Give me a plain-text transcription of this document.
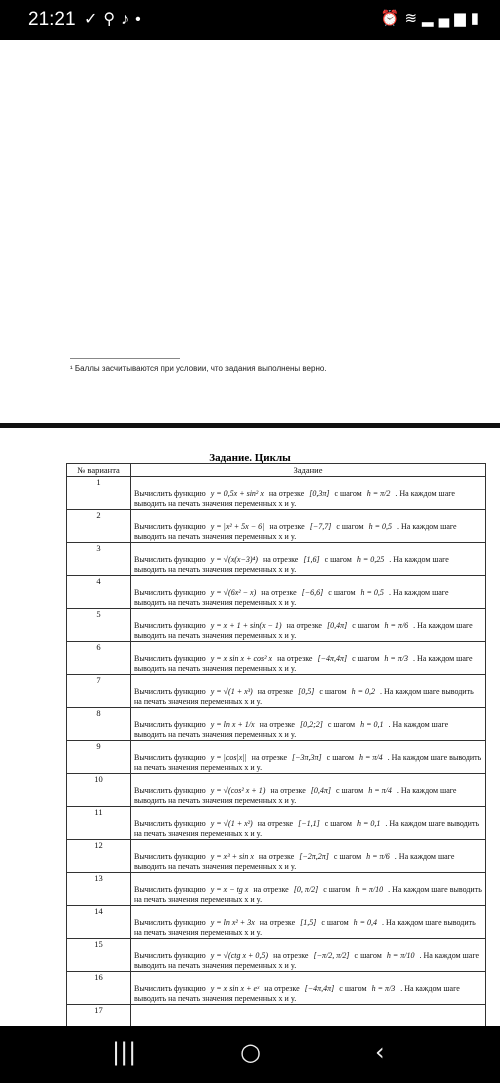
21:21 ✓⚲♪•	⏰≋▂▄▆▮
¹ Баллы засчитываются при условии, что задания выполнены верно.
Задание. Циклы
№ варианта	Задание
1	Вычислить функцию y = 0,5x + sin² x на отрезке [0,3π] с шагом h = π/2 . На каждом шаге выводить на печать значения переменных x и y.
2	Вычислить функцию y = |x² + 5x − 6| на отрезке [−7,7] с шагом h = 0,5 . На каждом шаге выводить на печать значения переменных x и y.
3	Вычислить функцию y = √(x(x−3)⁴) на отрезке [1,6] с шагом h = 0,25 . На каждом шаге выводить на печать значения переменных x и y.
4	Вычислить функцию y = √(6x² − x) на отрезке [−6,6] с шагом h = 0,5 . На каждом шаге выводить на печать значения переменных x и y.
5	Вычислить функцию y = x + 1 + sin(x − 1) на отрезке [0,4π] с шагом h = π/6 . На каждом шаге выводить на печать значения переменных x и y.
6	Вычислить функцию y = x sin x + cos² x на отрезке [−4π,4π] с шагом h = π/3 . На каждом шаге выводить на печать значения переменных x и y.
7	Вычислить функцию y = √(1 + x³) на отрезке [0,5] с шагом h = 0,2 . На каждом шаге выводить на печать значения переменных x и y.
8	Вычислить функцию y = ln x + 1/x на отрезке [0,2;2] с шагом h = 0,1 . На каждом шаге выводить на печать значения переменных x и y.
9	Вычислить функцию y = |cos|x|| на отрезке [−3π,3π] с шагом h = π/4 . На каждом шаге выводить на печать значения переменных x и y.
10	Вычислить функцию y = √(cos² x + 1) на отрезке [0,4π] с шагом h = π/4 . На каждом шаге выводить на печать значения переменных x и y.
11	Вычислить функцию y = √(1 + x²) на отрезке [−1,1] с шагом h = 0,1 . На каждом шаге выводить на печать значения переменных x и y.
12	Вычислить функцию y = x³ + sin x на отрезке [−2π,2π] с шагом h = π/6 . На каждом шаге выводить на печать значения переменных x и y.
13	Вычислить функцию y = x − tg x на отрезке [0, π/2] с шагом h = π/10 . На каждом шаге выводить на печать значения переменных x и y.
14	Вычислить функцию y = ln x² + 3x на отрезке [1,5] с шагом h = 0,4 . На каждом шаге выводить на печать значения переменных x и y.
15	Вычислить функцию y = √(ctg x + 0,5) на отрезке [−π/2, π/2] с шагом h = π/10 . На каждом шаге выводить на печать значения переменных x и y.
16	Вычислить функцию y = x sin x + eˣ на отрезке [−4π,4π] с шагом h = π/3 . На каждом шаге выводить на печать значения переменных x и y.
17	
|||	○	‹
